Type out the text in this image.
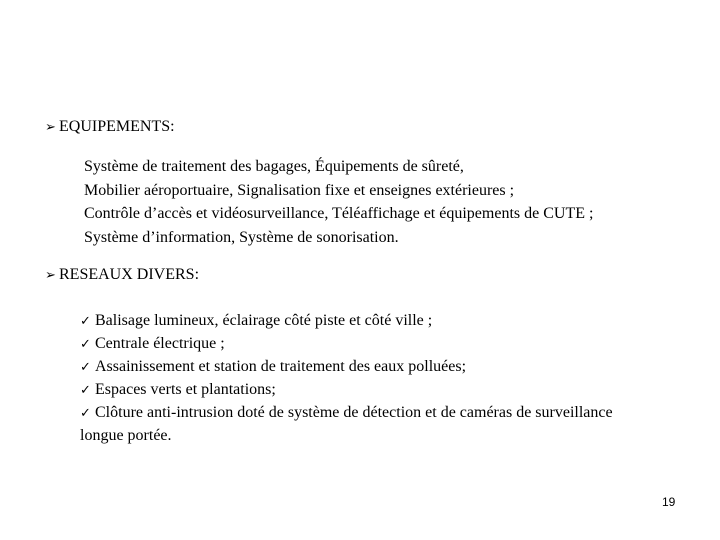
➢ EQUIPEMENTS:
Système de traitement des bagages, Équipements de sûreté,
Mobilier aéroportuaire, Signalisation fixe et enseignes extérieures ;
Contrôle d’accès et vidéosurveillance, Téléaffichage et équipements de CUTE ;
Système d’information, Système de sonorisation.
➢ RESEAUX DIVERS:
✓ Balisage lumineux, éclairage côté piste et côté ville ;
✓ Centrale électrique ;
✓ Assainissement et station de traitement des eaux polluées;
✓ Espaces verts et plantations;
✓ Clôture anti-intrusion doté de système de détection et de caméras de surveillance
longue portée.
19
